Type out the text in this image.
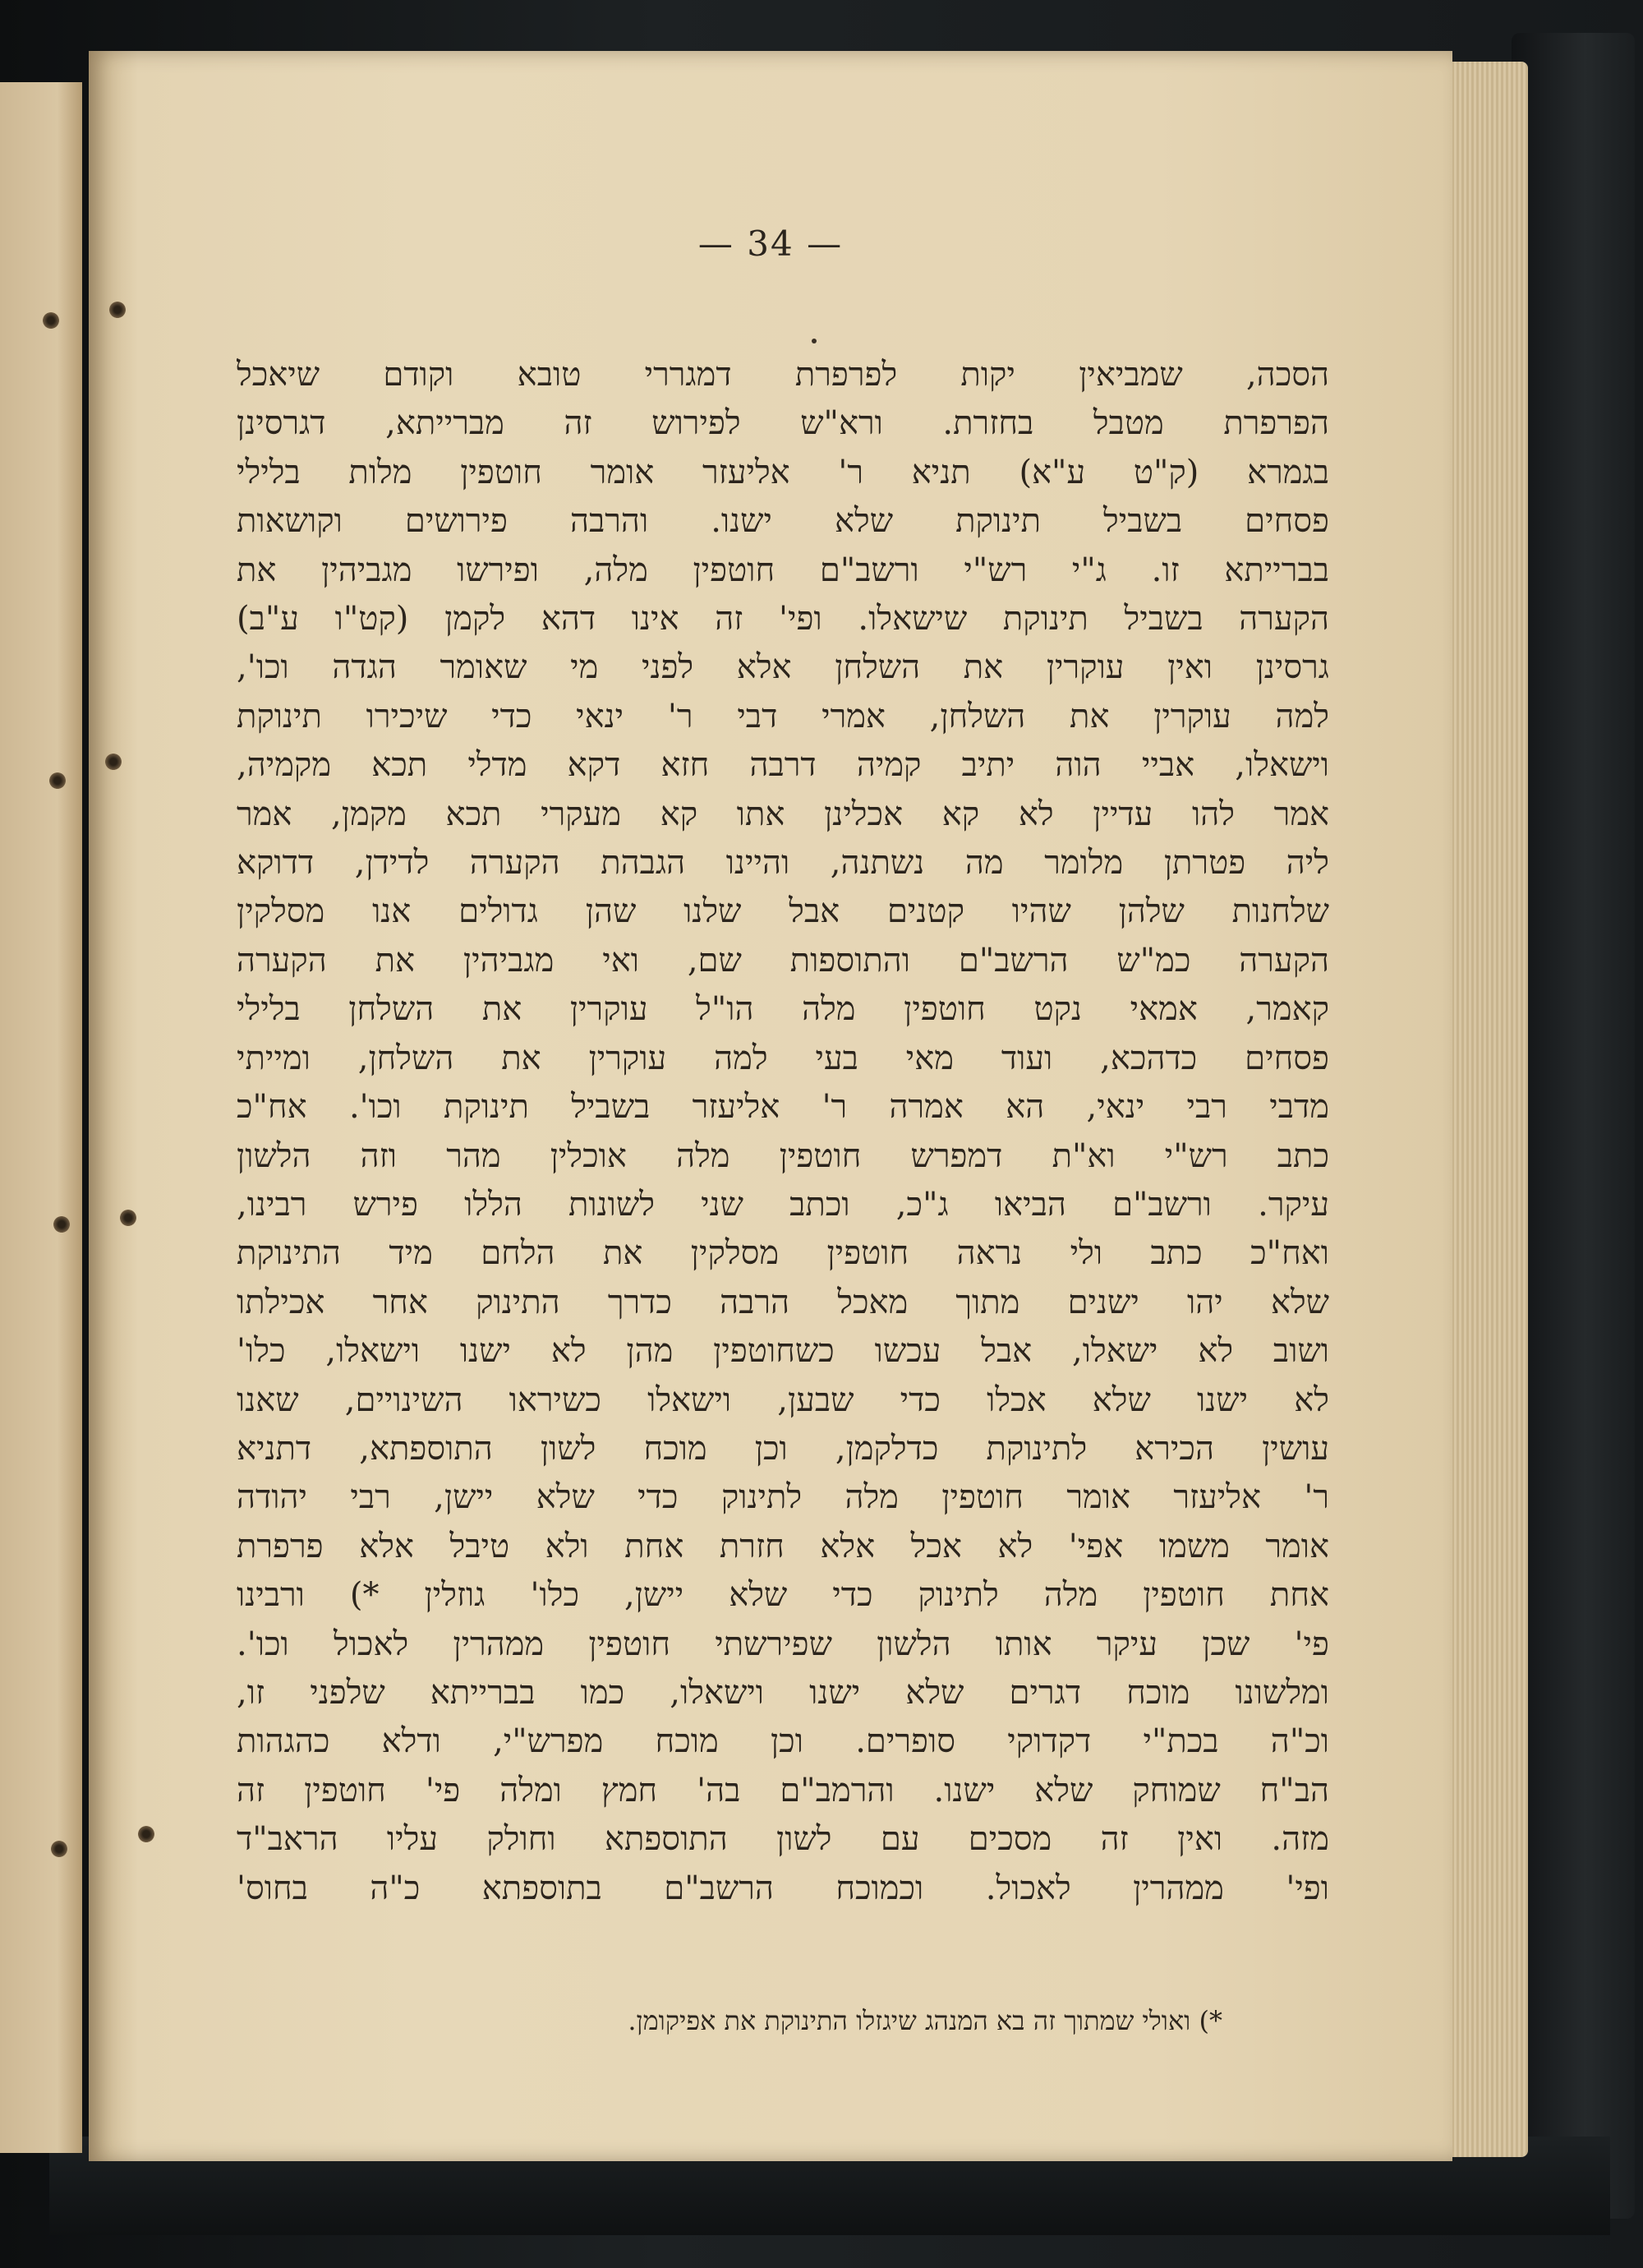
— 34 —
הסכה, שמביאין יקות לפרפרת דמגררי טובא וקודם שיאכל
הפרפרת מטבל בחזרת. ורא"ש לפירוש זה מברייתא, דגרסינן
בגמרא (ק"ט ע"א) תניא ר' אליעזר אומר חוטפין מלות בלילי
פסחים בשביל תינוקת שלא ישנו. והרבה פירושים וקושאות
בברייתא זו. ג"י רש"י ורשב"ם חוטפין מלה, ופירשו מגביהין את
הקערה בשביל תינוקת שישאלו. ופי' זה אינו דהא לקמן (קט"ו ע"ב)
גרסינן ואין עוקרין את השלחן אלא לפני מי שאומר הגדה וכו',
למה עוקרין את השלחן, אמרי דבי ר' ינאי כדי שיכירו תינוקת
וישאלו, אביי הוה יתיב קמיה דרבה חזא דקא מדלי תכא מקמיה,
אמר להו עדיין לא קא אכלינן אתו קא מעקרי תכא מקמן, אמר
ליה פטרתן מלומר מה נשתנה, והיינו הגבהת הקערה לדידן, דדוקא
שלחנות שלהן שהיו קטנים אבל שלנו שהן גדולים אנו מסלקין
הקערה כמ"ש הרשב"ם והתוספות שם, ואי מגביהין את הקערה
קאמר, אמאי נקט חוטפין מלה הו"ל עוקרין את השלחן בלילי
פסחים כדהכא, ועוד מאי בעי למה עוקרין את השלחן, ומייתי
מדבי רבי ינאי, הא אמרה ר' אליעזר בשביל תינוקת וכו'. אח"כ
כתב רש"י וא"ת דמפרש חוטפין מלה אוכלין מהר וזה הלשון
עיקר. ורשב"ם הביאו ג"כ, וכתב שני לשונות הללו פירש רבינו,
ואח"כ כתב ולי נראה חוטפין מסלקין את הלחם מיד התינוקת
שלא יהו ישנים מתוך מאכל הרבה כדרך התינוק אחר אכילתו
ושוב לא ישאלו, אבל עכשו כשחוטפין מהן לא ישנו וישאלו, כלו'
לא ישנו שלא אכלו כדי שבען, וישאלו כשיראו השינויים, שאנו
עושין הכירא לתינוקת כדלקמן, וכן מוכח לשון התוספתא, דתניא
ר' אליעזר אומר חוטפין מלה לתינוק כדי שלא יישן, רבי יהודה
אומר משמו אפי' לא אכל אלא חזרת אחת ולא טיבל אלא פרפרת
אחת חוטפין מלה לתינוק כדי שלא יישן, כלו' גוזלין *) ורבינו
פי' שכן עיקר אותו הלשון שפירשתי חוטפין ממהרין לאכול וכו'.
ומלשונו מוכח דגרים שלא ישנו וישאלו, כמו בברייתא שלפני זו,
וכ"ה בכת"י דקדוקי סופרים. וכן מוכח מפרש"י, ודלא כהגהות
הב"ח שמוחק שלא ישנו. והרמב"ם בה' חמץ ומלה פי' חוטפין זה
מזה. ואין זה מסכים עם לשון התוספתא וחולק עליו הראב"ד
ופי' ממהרין לאכול. וכמוכח הרשב"ם בתוספתא כ"ה בחוס'
*) ואולי שמתוך זה בא המנהג שיגזלו התינוקת את אפיקומן.
